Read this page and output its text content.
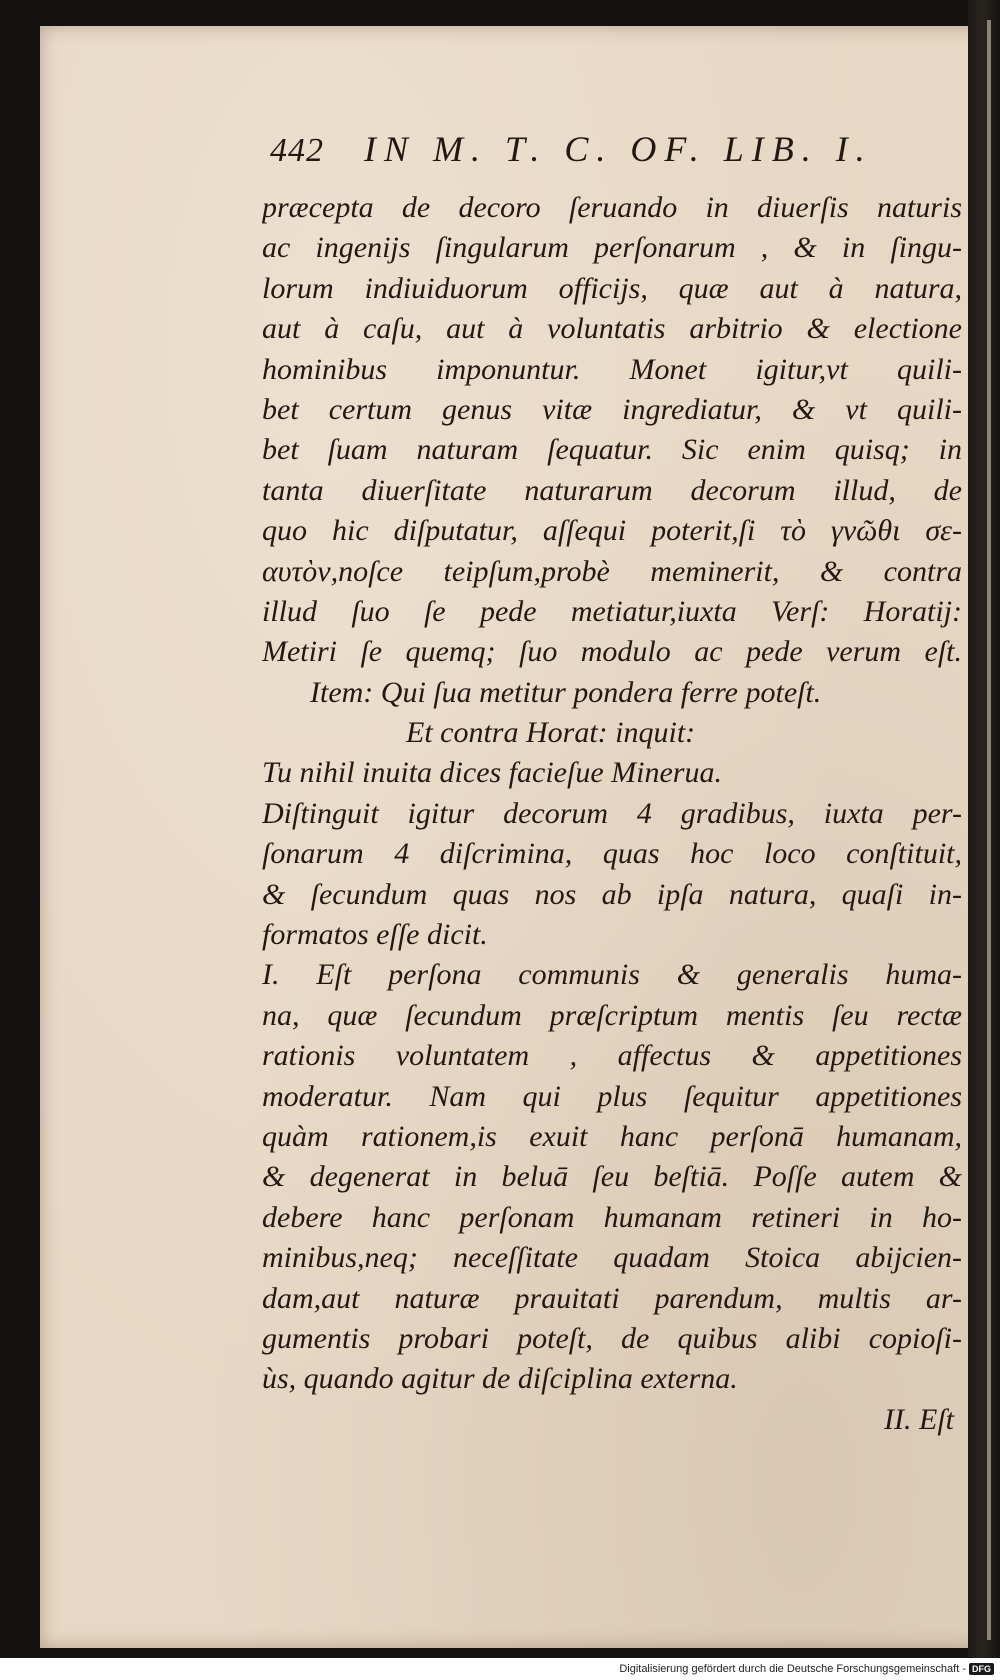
442 IN M. T. C. OF. LIB. I.
præcepta de decoro ſeruando in diuerſis naturis
ac ingenijs ſingularum perſonarum , & in ſingu-
lorum indiuiduorum officijs, quæ aut à natura,
aut à caſu, aut à voluntatis arbitrio & electione
hominibus imponuntur. Monet igitur,vt quili-
bet certum genus vitæ ingrediatur, & vt quili-
bet ſuam naturam ſequatur. Sic enim quisq; in
tanta diuerſitate naturarum decorum illud, de
quo hic diſputatur, aſſequi poterit,ſi τὸ γνῶθι σε-
αυτὸν,noſce teipſum,probè meminerit, & contra
illud ſuo ſe pede metiatur,iuxta Verſ: Horatij:
Metiri ſe quemq; ſuo modulo ac pede verum eſt.
Item: Qui ſua metitur pondera ferre poteſt.
Et contra Horat: inquit:
Tu nihil inuita dices facieſue Minerua.
Diſtinguit igitur decorum 4 gradibus, iuxta per-
ſonarum 4 diſcrimina, quas hoc loco conſtituit,
& ſecundum quas nos ab ipſa natura, quaſi in-
formatos eſſe dicit.
I. Eſt perſona communis & generalis huma-
na, quæ ſecundum præſcriptum mentis ſeu rectæ
rationis voluntatem , affectus & appetitiones
moderatur. Nam qui plus ſequitur appetitiones
quàm rationem,is exuit hanc perſonā humanam,
& degenerat in beluā ſeu beſtiā. Poſſe autem &
debere hanc perſonam humanam retineri in ho-
minibus,neq; neceſſitate quadam Stoica abijcien-
dam,aut naturæ prauitati parendum, multis ar-
gumentis probari poteſt, de quibus alibi copioſi-
ùs, quando agitur de diſciplina externa.
II. Eſt
Digitalisierung gefördert durch die Deutsche Forschungsgemeinschaft - DFG
